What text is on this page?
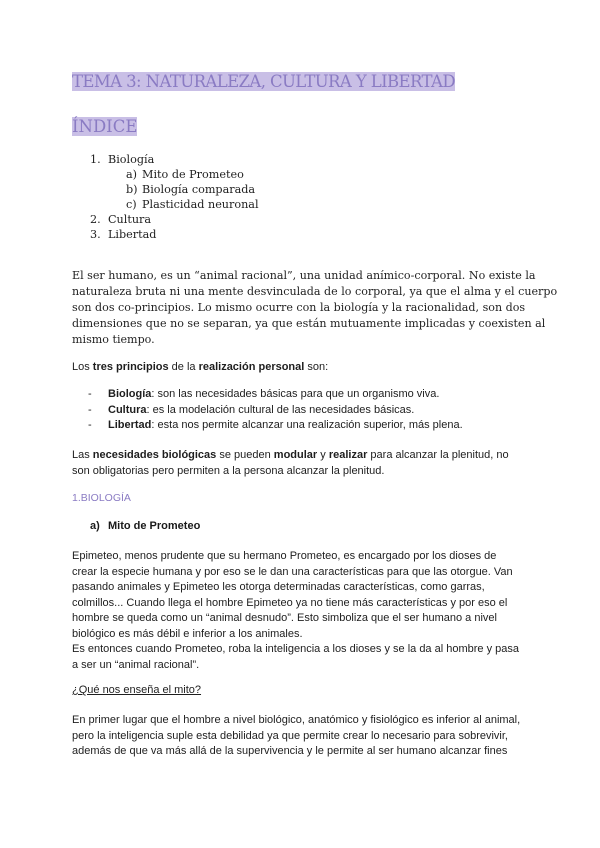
TEMA 3: NATURALEZA, CULTURA Y LIBERTAD
ÍNDICE
1. Biología
a) Mito de Prometeo
b) Biología comparada
c) Plasticidad neuronal
2. Cultura
3. Libertad
El ser humano, es un “animal racional”, una unidad anímico-corporal. No existe la
naturaleza bruta ni una mente desvinculada de lo corporal, ya que el alma y el cuerpo
son dos co-principios. Lo mismo ocurre con la biología y la racionalidad, son dos
dimensiones que no se separan, ya que están mutuamente implicadas y coexisten al
mismo tiempo.
Los tres principios de la realización personal son:
- Biología: son las necesidades básicas para que un organismo viva.
- Cultura: es la modelación cultural de las necesidades básicas.
- Libertad: esta nos permite alcanzar una realización superior, más plena.
Las necesidades biológicas se pueden modular y realizar para alcanzar la plenitud, no
son obligatorias pero permiten a la persona alcanzar la plenitud.
1.BIOLOGÍA
a) Mito de Prometeo
Epimeteo, menos prudente que su hermano Prometeo, es encargado por los dioses de
crear la especie humana y por eso se le dan una características para que las otorgue. Van
pasando animales y Epimeteo les otorga determinadas características, como garras,
colmillos... Cuando llega el hombre Epimeteo ya no tiene más características y por eso el
hombre se queda como un “animal desnudo”. Esto simboliza que el ser humano a nivel
biológico es más débil e inferior a los animales.
Es entonces cuando Prometeo, roba la inteligencia a los dioses y se la da al hombre y pasa
a ser un “animal racional”.
¿Qué nos enseña el mito?
En primer lugar que el hombre a nivel biológico, anatómico y fisiológico es inferior al animal,
pero la inteligencia suple esta debilidad ya que permite crear lo necesario para sobrevivir,
además de que va más allá de la supervivencia y le permite al ser humano alcanzar fines
